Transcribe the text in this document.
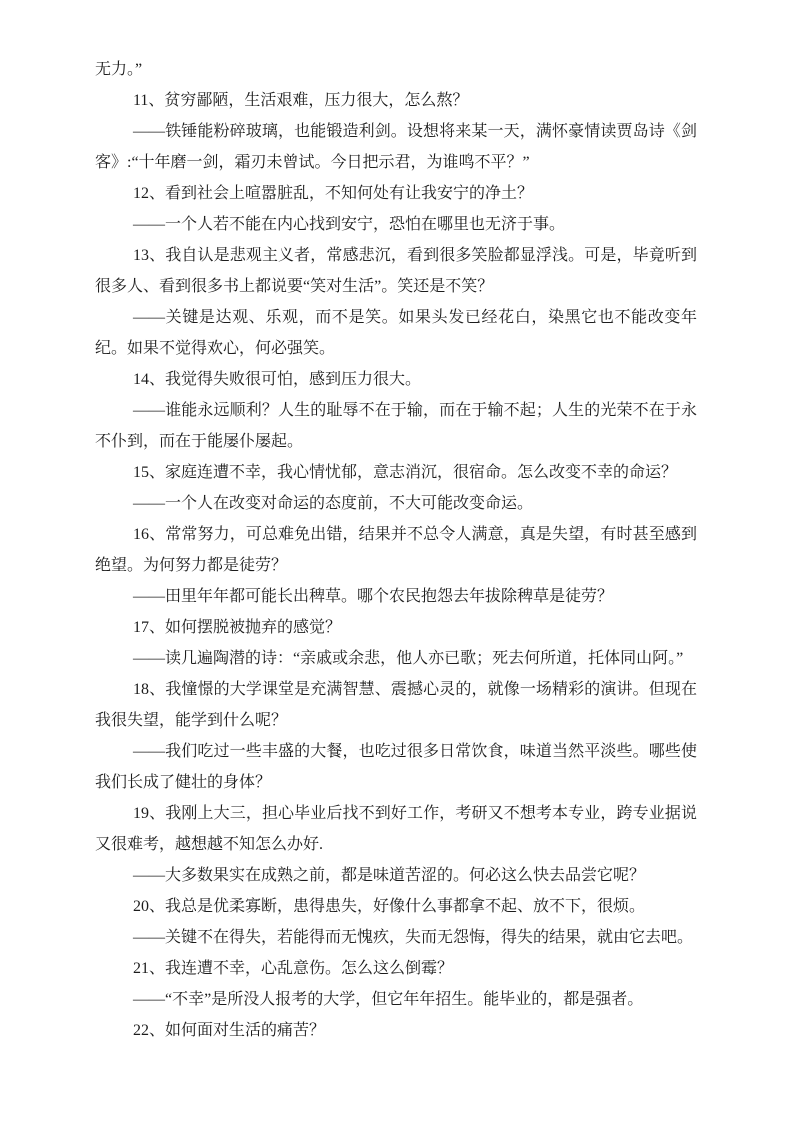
无力。”

11、贫穷鄙陋，生活艰难，压力很大，怎么熬？

——铁锤能粉碎玻璃，也能锻造利剑。设想将来某一天，满怀豪情读贾岛诗《剑客》:“十年磨一剑，霜刃未曾试。今日把示君，为谁鸣不平？”

12、看到社会上喧嚣脏乱，不知何处有让我安宁的净土？

——一个人若不能在内心找到安宁，恐怕在哪里也无济于事。

13、我自认是悲观主义者，常感悲沉，看到很多笑脸都显浮浅。可是，毕竟听到很多人、看到很多书上都说要“笑对生活”。笑还是不笑？

——关键是达观、乐观，而不是笑。如果头发已经花白，染黑它也不能改变年纪。如果不觉得欢心，何必强笑。

14、我觉得失败很可怕，感到压力很大。

——谁能永远顺利？人生的耻辱不在于输，而在于输不起；人生的光荣不在于永不仆到，而在于能屡仆屡起。

15、家庭连遭不幸，我心情忧郁，意志消沉，很宿命。怎么改变不幸的命运？

——一个人在改变对命运的态度前，不大可能改变命运。

16、常常努力，可总难免出错，结果并不总令人满意，真是失望，有时甚至感到绝望。为何努力都是徒劳？

——田里年年都可能长出稗草。哪个农民抱怨去年拔除稗草是徒劳？

17、如何摆脱被抛弃的感觉？

——读几遍陶潜的诗：“亲戚或余悲，他人亦已歌；死去何所道，托体同山阿。”

18、我憧憬的大学课堂是充满智慧、震撼心灵的，就像一场精彩的演讲。但现在我很失望，能学到什么呢？

——我们吃过一些丰盛的大餐，也吃过很多日常饮食，味道当然平淡些。哪些使我们长成了健壮的身体？

19、我刚上大三，担心毕业后找不到好工作，考研又不想考本专业，跨专业据说又很难考，越想越不知怎么办好.

——大多数果实在成熟之前，都是味道苦涩的。何必这么快去品尝它呢？

20、我总是优柔寡断，患得患失，好像什么事都拿不起、放不下，很烦。

——关键不在得失，若能得而无愧疚，失而无怨悔，得失的结果，就由它去吧。

21、我连遭不幸，心乱意伤。怎么这么倒霉？

——“不幸”是所没人报考的大学，但它年年招生。能毕业的，都是强者。

22、如何面对生活的痛苦？
